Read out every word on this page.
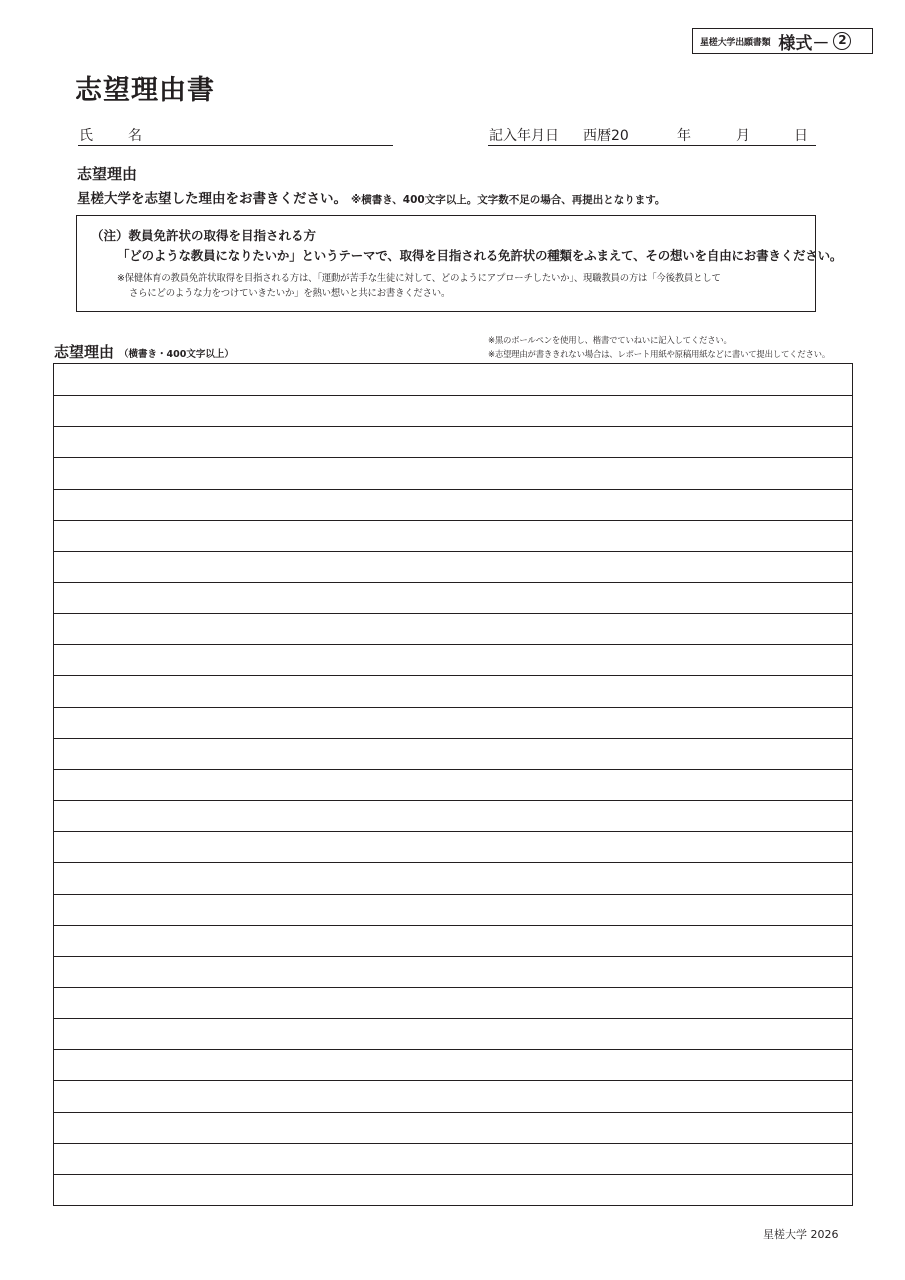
星槎大学出願書類 様式－ 2
志望理由書
氏	名	記入年月日 西暦20	年	月	日
志望理由
星槎大学を志望した理由をお書きください。 ※横書き、400文字以上。文字数不足の場合、再提出となります。
（注）教員免許状の取得を目指される方
「どのような教員になりたいか」というテーマで、取得を目指される免許状の種類をふまえて、その想いを自由にお書きください。
※保健体育の教員免許状取得を目指される方は、「運動が苦手な生徒に対して、どのようにアプローチしたいか」、現職教員の方は「今後教員として
さらにどのような力をつけていきたいか」を熱い想いと共にお書きください。
※黒のボールペンを使用し、楷書でていねいに記入してください。
※志望理由が書ききれない場合は、レポート用紙や原稿用紙などに書いて提出してください。
志望理由 （横書き・400文字以上）
星槎大学 2026
